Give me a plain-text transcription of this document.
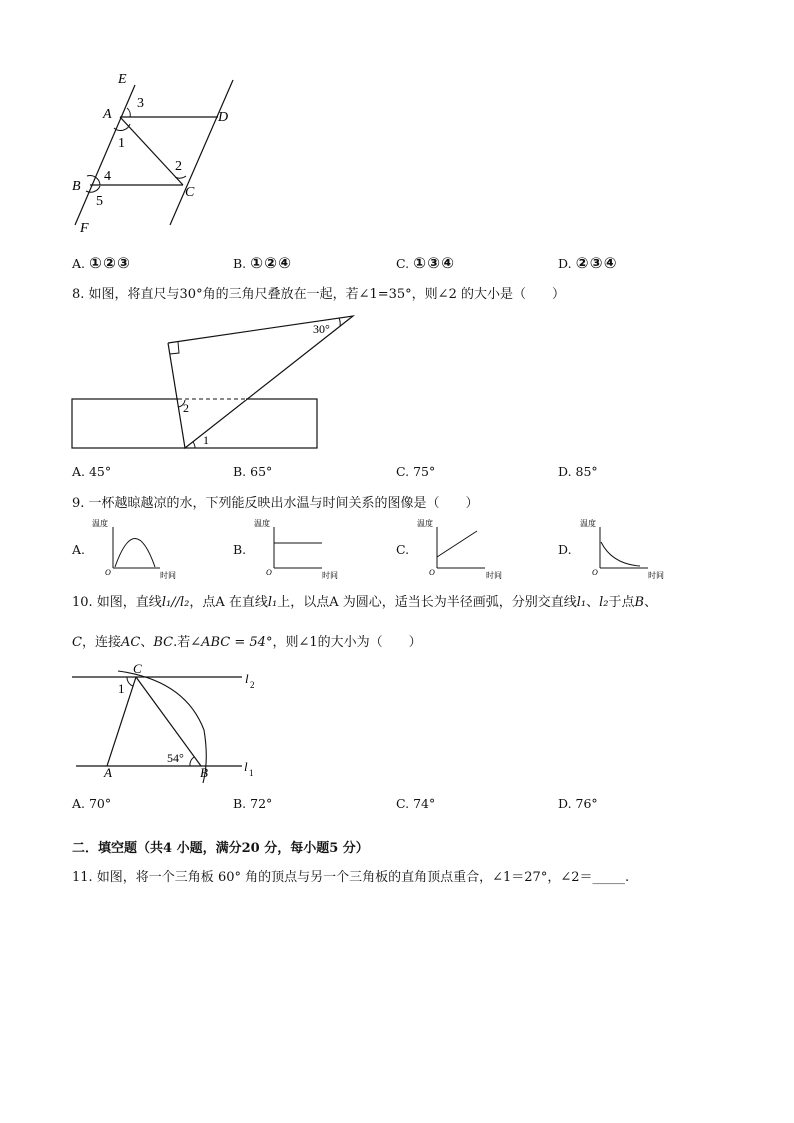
E
A	D
B	C
F
3
1
2
4
5
A. ①②③	B. ①②④	C. ①③④	D. ②③④
8. 如图，将直尺与30°角的三角尺叠放在一起，若∠1=35°，则∠2 的大小是（　　）
30°
2
1
A. 45°	B. 65°	C. 75°	D. 85°
9. 一杯越晾越凉的水，下列能反映出水温与时间关系的图像是（　　）
A.	B.	C.	D.
温度
时间
O
温度
时间
O
温度
时间
O
温度
时间
O
10. 如图，直线l₁//l₂，点A 在直线l₁上，以点A 为圆心，适当长为半径画弧，分别交直线l₁、l₂于点B、
C，连接AC、BC.若∠ABC = 54°，则∠1的大小为（　　）
C
1
54°
A	B
l 2
l 1
A. 70°	B. 72°	C. 74°	D. 76°
二．填空题（共4 小题，满分20 分，每小题5 分）
11. 如图，将一个三角板 60° 角的顶点与另一个三角板的直角顶点重合，∠1＝27°，∠2＝_____.
